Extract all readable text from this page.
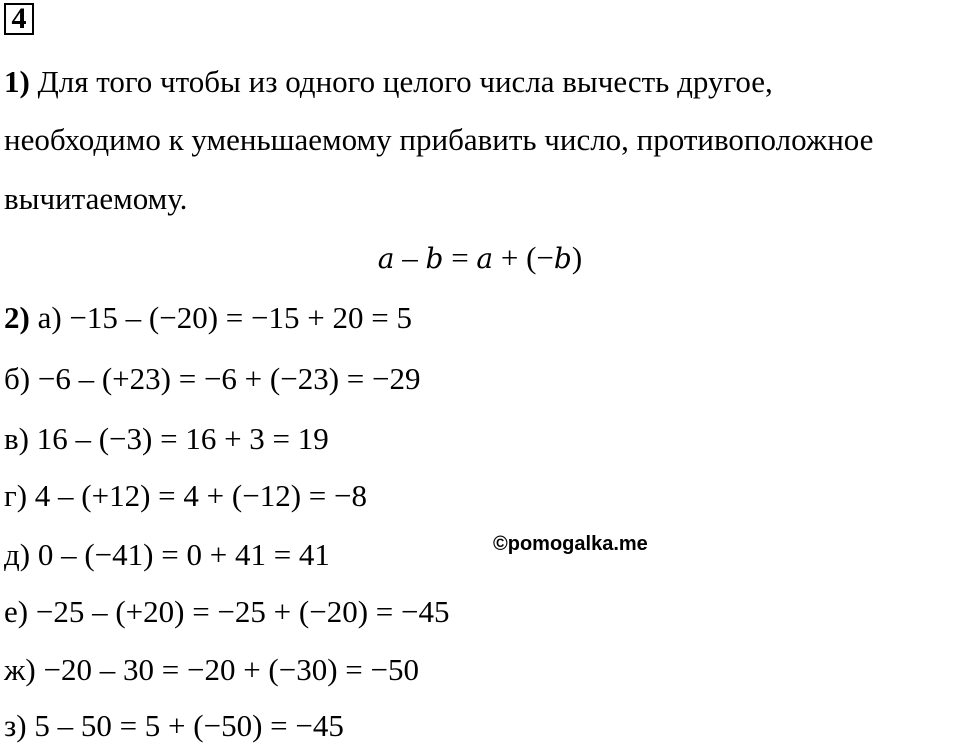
4
1) Для того чтобы из одного целого числа вычесть другое,
необходимо к уменьшаемому прибавить число, противоположное
вычитаемому.
a – b = a + (−b)
2) а) −15 – (−20) = −15 + 20 = 5
б) −6 – (+23) = −6 + (−23) = −29
в) 16 – (−3) = 16 + 3 = 19
г) 4 – (+12) = 4 + (−12) = −8
д) 0 – (−41) = 0 + 41 = 41
е) −25 – (+20) = −25 + (−20) = −45
ж) −20 – 30 = −20 + (−30) = −50
з) 5 – 50 = 5 + (−50) = −45
©pomogalka.me
